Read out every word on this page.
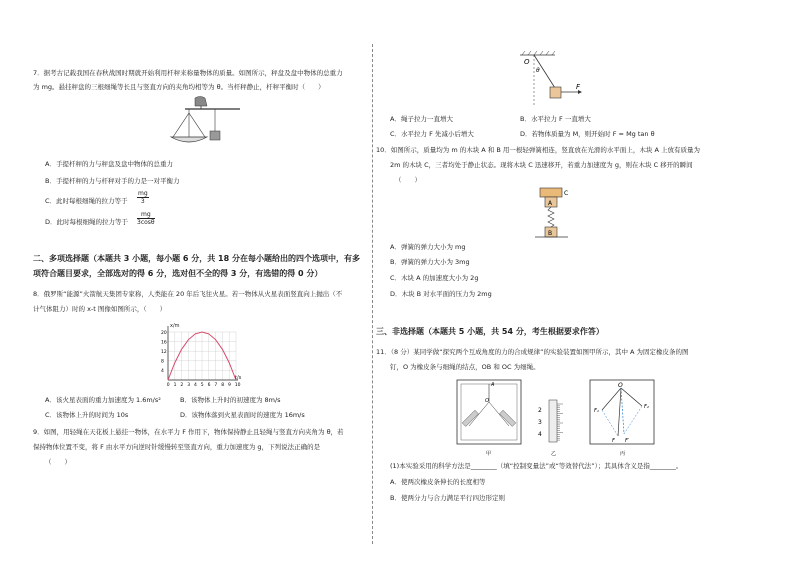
7．据考古记载我国在春秋战国时期就开始利用杆秤来称量物体的质量。如图所示，秤盘及盘中物体的总重力
为 mg。悬挂秤盘的三根细绳等长且与竖直方向的夹角均相等为 θ。当杆秤静止，杆秤平衡时（　　）
A．手提杆秤的力与秤盘及盘中物体的总重力
B．手提杆秤的力与杆秤对手的力是一对平衡力
C．此时每根细绳的拉力等于 $\frac{mg}{3}$
D．此时每根细绳的拉力等于 $\frac{mg}{3\cos\theta}$
二、多项选择题（本题共 3 小题，每小题 6 分，共 18 分在每小题给出的四个选项中，有多
项符合题目要求，全部选对的得 6 分，选对但不全的得 3 分，有选错的得 0 分）
8．俄罗斯“能源”火箭航天集团专家称，人类能在 20 年后飞往火星。若一物体从火星表面竖直向上抛出（不
计气体阻力）时的 x-t 图像如图所示，（　　）
20
16
12
8
4
0 1 2 3 4 5 6 7 8 9 10
x/m
t/s
A．该火星表面的重力加速度为 1.6m/s²	B．该物体上升时的初速度为 8m/s
C．该物体上升的时间为 10s	D．该物体落到火星表面时的速度为 16m/s
9．如图，用轻绳在天花板上悬挂一物体，在水平力 F 作用下，物体保持静止且轻绳与竖直方向夹角为 θ，若
保持物体位置不变，将 F 由水平方向逆时针缓慢转至竖直方向，重力加速度为 g，下列说法正确的是
（　　）
O
θ
F
A．绳子拉力一直增大	B．水平拉力 F 一直增大
C．水平拉力 F 先减小后增大	D．若物体质量为 M，则开始时 F = Mg tan θ
10．如图所示，质量均为 m 的木块 A 和 B 用一根轻弹簧相连，竖直放在光滑的水平面上，木块 A 上放有质量为
2m 的木块 C，三者均处于静止状态。现将木块 C 迅速移开，若重力加速度为 g，则在木块 C 移开的瞬间
（　　）
C
A
B
A．弹簧的弹力大小为 mg
B．弹簧的弹力大小为 3mg
C．木块 A 的加速度大小为 2g
D．木块 B 对水平面的压力为 2mg
三、非选择题（本题共 5 小题，共 54 分，考生根据要求作答）
11．（8 分）某同学做“探究两个互成角度的力的合成规律”的实验装置如图甲所示，其中 A 为固定橡皮条的图
钉，O 为橡皮条与细绳的结点，OB 和 OC 为细绳。
A
O
甲
2
3
4
乙
O
F₁
F₂
F F′
丙
(1)本实验采用的科学方法是________（填“控制变量法”或“等效替代法”）；其具体含义是指________。
A．使两次橡皮条伸长的长度相等
B．使两分力与合力满足平行四边形定则
